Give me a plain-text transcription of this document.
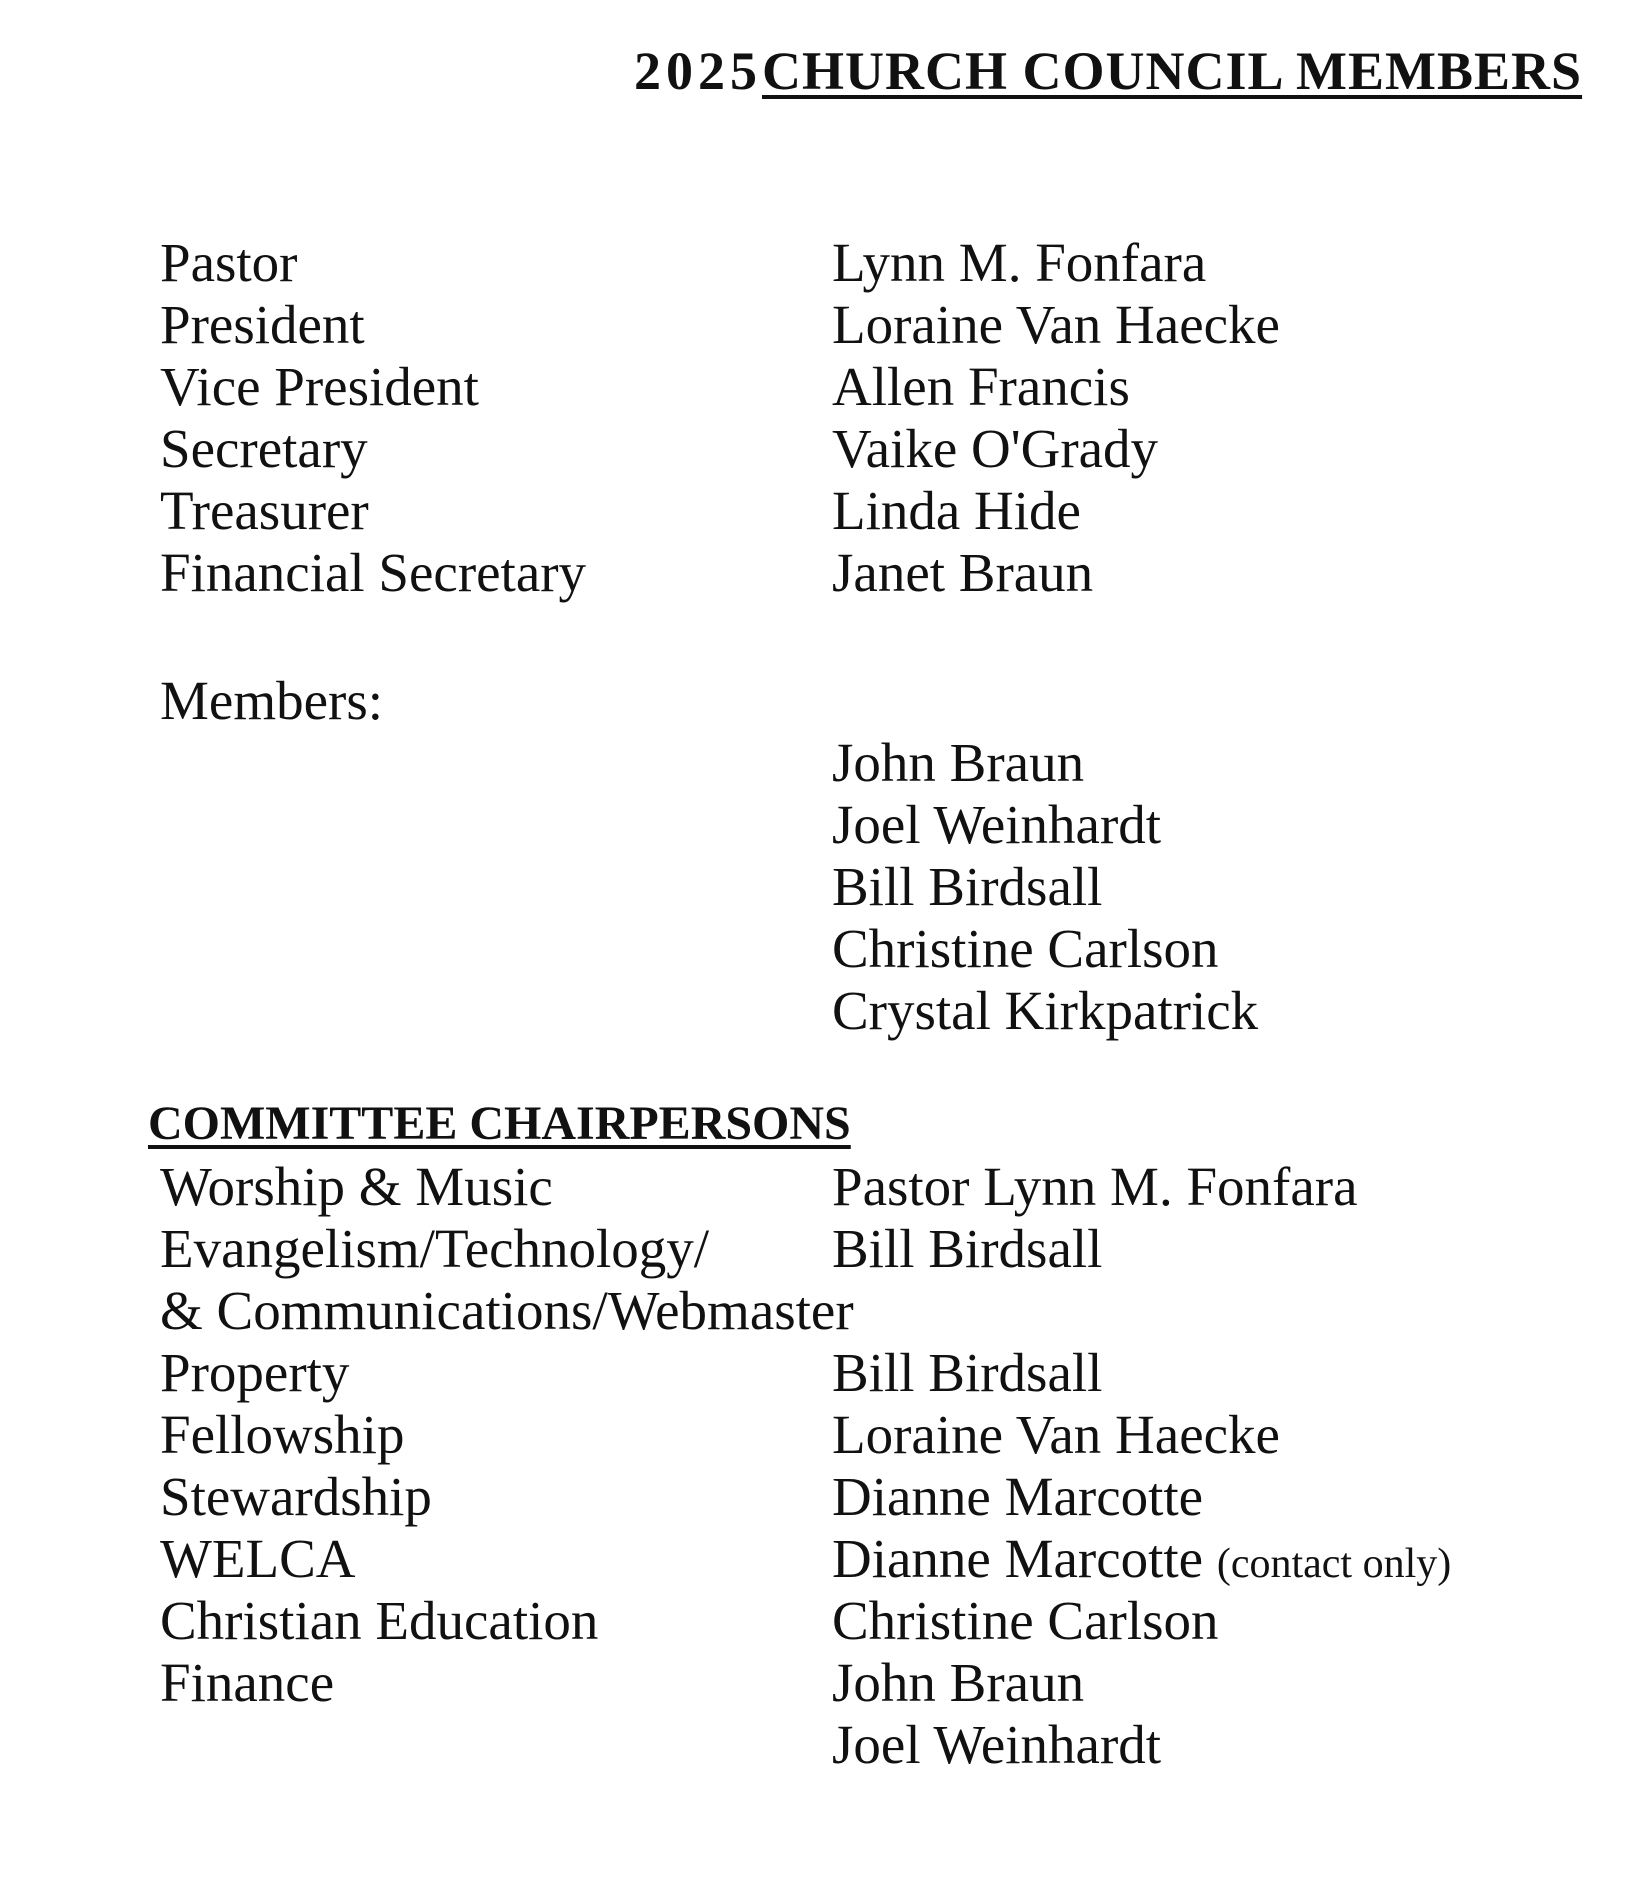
2025CHURCH COUNCIL MEMBERS
Pastor	Lynn M. Fonfara
President	Loraine Van Haecke
Vice President	Allen Francis
Secretary	Vaike O'Grady
Treasurer	Linda Hide
Financial Secretary	Janet Braun
Members:
John Braun
Joel Weinhardt
Bill Birdsall
Christine Carlson
Crystal Kirkpatrick
COMMITTEE CHAIRPERSONS
Worship & Music	Pastor Lynn M. Fonfara
Evangelism/Technology/ Bill Birdsall
& Communications/Webmaster
Property	Bill Birdsall
Fellowship	Loraine Van Haecke
Stewardship	Dianne Marcotte
WELCA	Dianne Marcotte (contact only)
Christian Education	Christine Carlson
Finance	John Braun
Joel Weinhardt
